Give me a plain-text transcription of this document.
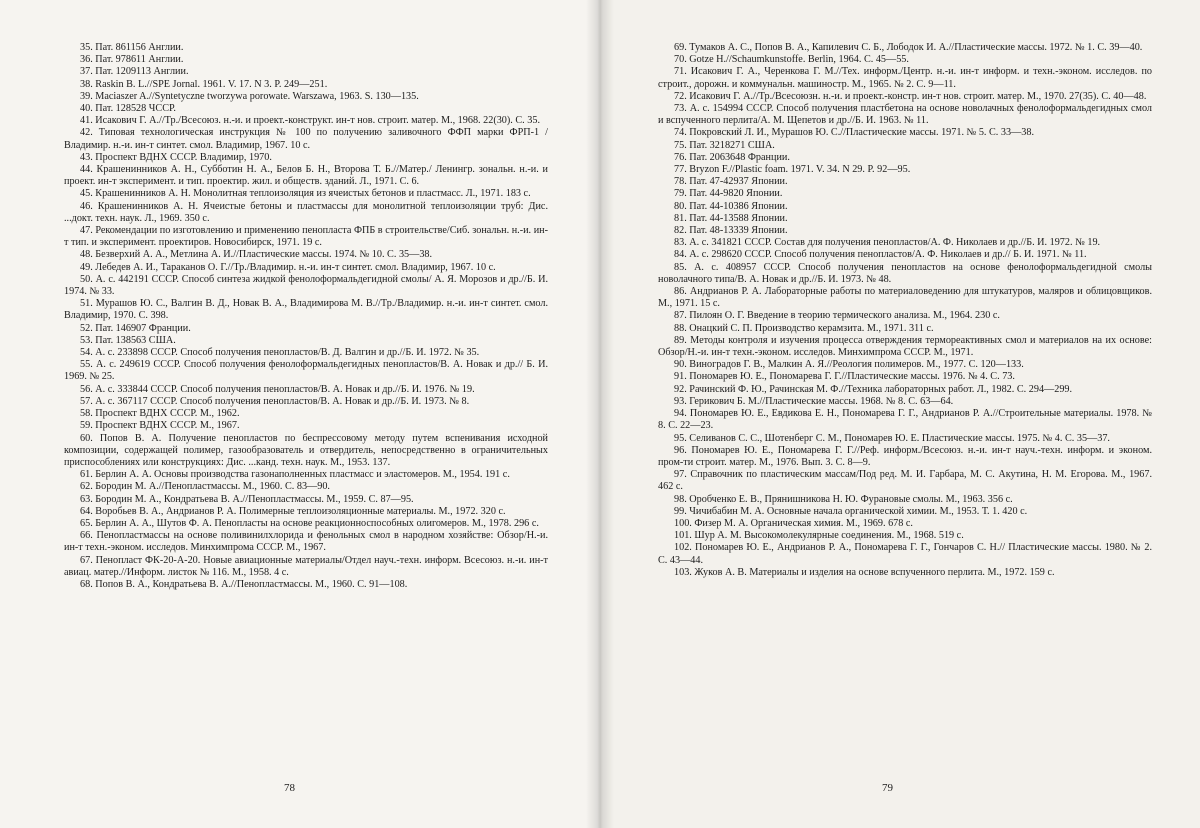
35. Пат. 861156 Англии.

36. Пат. 978611 Англии.

37. Пат. 1209113 Англии.

38. Raskin B. L.//SPE Jornal. 1961. V. 17. N 3. P. 249—251.

39. Maciaszer A.//Syntetyczne tworzywa porowate. Warszawa, 1963. S. 130—135.

40. Пат. 128528 ЧССР.

41. Исакович Г. А.//Тр./Всесоюз. н.-и. и проект.-конструкт. ин-т нов. строит. матер. М., 1968. 22(30). С. 35.

42. Типовая технологическая инструкция № 100 по получению заливочного ФФП марки ФРП-1 /Владимир. н.-и. ин-т синтет. смол. Владимир, 1967. 10 с.

43. Проспект ВДНХ СССР. Владимир, 1970.

44. Крашенинников А. Н., Субботин Н. А., Белов Б. Н., Второва Т. Б.//Матер./ Ленингр. зональн. н.-и. и проект. ин-т эксперимент. и тип. проектир. жил. и обществ. зданий. Л., 1971. С. 6.

45. Крашенинников А. Н. Монолитная теплоизоляция из ячеистых бетонов и пластмасс. Л., 1971. 183 с.

46. Крашенинников А. Н. Ячеистые бетоны и пластмассы для монолитной теплоизоляции труб: Дис. ...докт. техн. наук. Л., 1969. 350 с.

47. Рекомендации по изготовлению и применению пенопласта ФПБ в строительстве/Сиб. зональн. н.-и. ин-т тип. и эксперимент. проектиров. Новосибирск, 1971. 19 с.

48. Безверхий А. А., Метлина А. И.//Пластические массы. 1974. № 10. С. 35—38.

49. Лебедев А. И., Тараканов О. Г.//Тр./Владимир. н.-и. ин-т синтет. смол. Владимир, 1967. 10 с.

50. А. с. 442191 СССР. Способ синтеза жидкой фенолоформальдегидной смолы/ А. Я. Морозов и др.//Б. И. 1974. № 33.

51. Мурашов Ю. С., Валгин В. Д., Новак В. А., Владимирова М. В.//Тр./Владимир. н.-и. ин-т синтет. смол. Владимир, 1970. С. 398.

52. Пат. 146907 Франции.

53. Пат. 138563 США.

54. А. с. 233898 СССР. Способ получения пенопластов/В. Д. Валгин и др.//Б. И. 1972. № 35.

55. А. с. 249619 СССР. Способ получения фенолоформальдегидных пенопластов/В. А. Новак и др.// Б. И. 1969. № 25.

56. А. с. 333844 СССР. Способ получения пенопластов/В. А. Новак и др.//Б. И. 1976. № 19.

57. А. с. 367117 СССР. Способ получения пенопластов/В. А. Новак и др.//Б. И. 1973. № 8.

58. Проспект ВДНХ СССР. М., 1962.

59. Проспект ВДНХ СССР. М., 1967.

60. Попов В. А. Получение пенопластов по беспрессовому методу путем вспенивания исходной композиции, содержащей полимер, газообразователь и отвердитель, непосредственно в ограничительных приспособлениях или конструкциях: Дис. ...канд. техн. наук. М., 1953. 137.

61. Берлин А. А. Основы производства газонаполненных пластмасс и эластомеров. М., 1954. 191 с.

62. Бородин М. А.//Пенопластмассы. М., 1960. С. 83—90.

63. Бородин М. А., Кондратьева В. А.//Пенопластмассы. М., 1959. С. 87—95.

64. Воробьев В. А., Андрианов Р. А. Полимерные теплоизоляционные материалы. М., 1972. 320 с.

65. Берлин А. А., Шутов Ф. А. Пенопласты на основе реакционноспособных олигомеров. М., 1978. 296 с.

66. Пенопластмассы на основе поливинилхлорида и фенольных смол в народном хозяйстве: Обзор/Н.-и. ин-т техн.-эконом. исследов. Минхимпрома СССР. М., 1967.

67. Пенопласт ФК-20-А-20. Новые авиационные материалы/Отдел науч.-техн. информ. Всесоюз. н.-и. ин-т авиац. матер.//Информ. листок № 116. М., 1958. 4 с.

68. Попов В. А., Кондратьева В. А.//Пенопластмассы. М., 1960. С. 91—108.

78

69. Тумаков А. С., Попов В. А., Капилевич С. Б., Лободок И. А.//Пластические массы. 1972. № 1. С. 39—40.

70. Gotze H.//Schaumkunstoffe. Berlin, 1964. С. 45—55.

71. Исакович Г. А., Черенкова Г. М.//Тех. информ./Центр. н.-и. ин-т информ. и техн.-эконом. исследов. по строит., дорожн. и коммунальн. машиностр. М., 1965. № 2. С. 9—11.

72. Исакович Г. А.//Тр./Всесоюзн. н.-и. и проект.-констр. ин-т нов. строит. матер. М., 1970. 27(35). С. 40—48.

73. А. с. 154994 СССР. Способ получения пластбетона на основе новолачных фенолоформальдегидных смол и вспученного перлита/А. М. Щепетов и др.//Б. И. 1963. № 11.

74. Покровский Л. И., Мурашов Ю. С.//Пластические массы. 1971. № 5. С. 33—38.

75. Пат. 3218271 США.

76. Пат. 2063648 Франции.

77. Bryzon F.//Plastic foam. 1971. V. 34. N 29. P. 92—95.

78. Пат. 47-42937 Японии.

79. Пат. 44-9820 Японии.

80. Пат. 44-10386 Японии.

81. Пат. 44-13588 Японии.

82. Пат. 48-13339 Японии.

83. А. с. 341821 СССР. Состав для получения пенопластов/А. Ф. Николаев и др.//Б. И. 1972. № 19.

84. А. с. 298620 СССР. Способ получения пенопластов/А. Ф. Николаев и др.// Б. И. 1971. № 11.

85. А. с. 408957 СССР. Способ получения пенопластов на основе фенолоформальдегидной смолы новолачного типа/В. А. Новак и др.//Б. И. 1973. № 48.

86. Андрианов Р. А. Лабораторные работы по материаловедению для штукатуров, маляров и облицовщиков. М., 1971. 15 с.

87. Пилоян О. Г. Введение в теорию термического анализа. М., 1964. 230 с.

88. Онацкий С. П. Производство керамзита. М., 1971. 311 с.

89. Методы контроля и изучения процесса отверждения термореактивных смол и материалов на их основе: Обзор/Н.-и. ин-т техн.-эконом. исследов. Минхимпрома СССР. М., 1971.

90. Виноградов Г. В., Малкин А. Я.//Реология полимеров. М., 1977. С. 120—133.

91. Пономарев Ю. Е., Пономарева Г. Г.//Пластические массы. 1976. № 4. С. 73.

92. Рачинский Ф. Ю., Рачинская М. Ф.//Техника лабораторных работ. Л., 1982. С. 294—299.

93. Герикович Б. М.//Пластические массы. 1968. № 8. С. 63—64.

94. Пономарев Ю. Е., Евдикова Е. Н., Пономарева Г. Г., Андрианов Р. А.//Строительные материалы. 1978. № 8. С. 22—23.

95. Селиванов С. С., Шотенберг С. М., Пономарев Ю. Е. Пластические массы. 1975. № 4. С. 35—37.

96. Пономарев Ю. Е., Пономарева Г. Г.//Реф. информ./Всесоюз. н.-и. ин-т науч.-техн. информ. и эконом. пром-ти строит. матер. М., 1976. Вып. 3. С. 8—9.

97. Справочник по пластическим массам/Под ред. М. И. Гарбара, М. С. Акутина, Н. М. Егорова. М., 1967. 462 с.

98. Оробченко Е. В., Прянишникова Н. Ю. Фурановые смолы. М., 1963. 356 с.

99. Чичибабин М. А. Основные начала органической химии. М., 1953. Т. 1. 420 с.

100. Физер М. А. Органическая химия. М., 1969. 678 с.

101. Шур А. М. Высокомолекулярные соединения. М., 1968. 519 с.

102. Пономарев Ю. Е., Андрианов Р. А., Пономарева Г. Г., Гончаров С. Н.// Пластические массы. 1980. № 2. С. 43—44.

103. Жуков А. В. Материалы и изделия на основе вспученного перлита. М., 1972. 159 с.

79
